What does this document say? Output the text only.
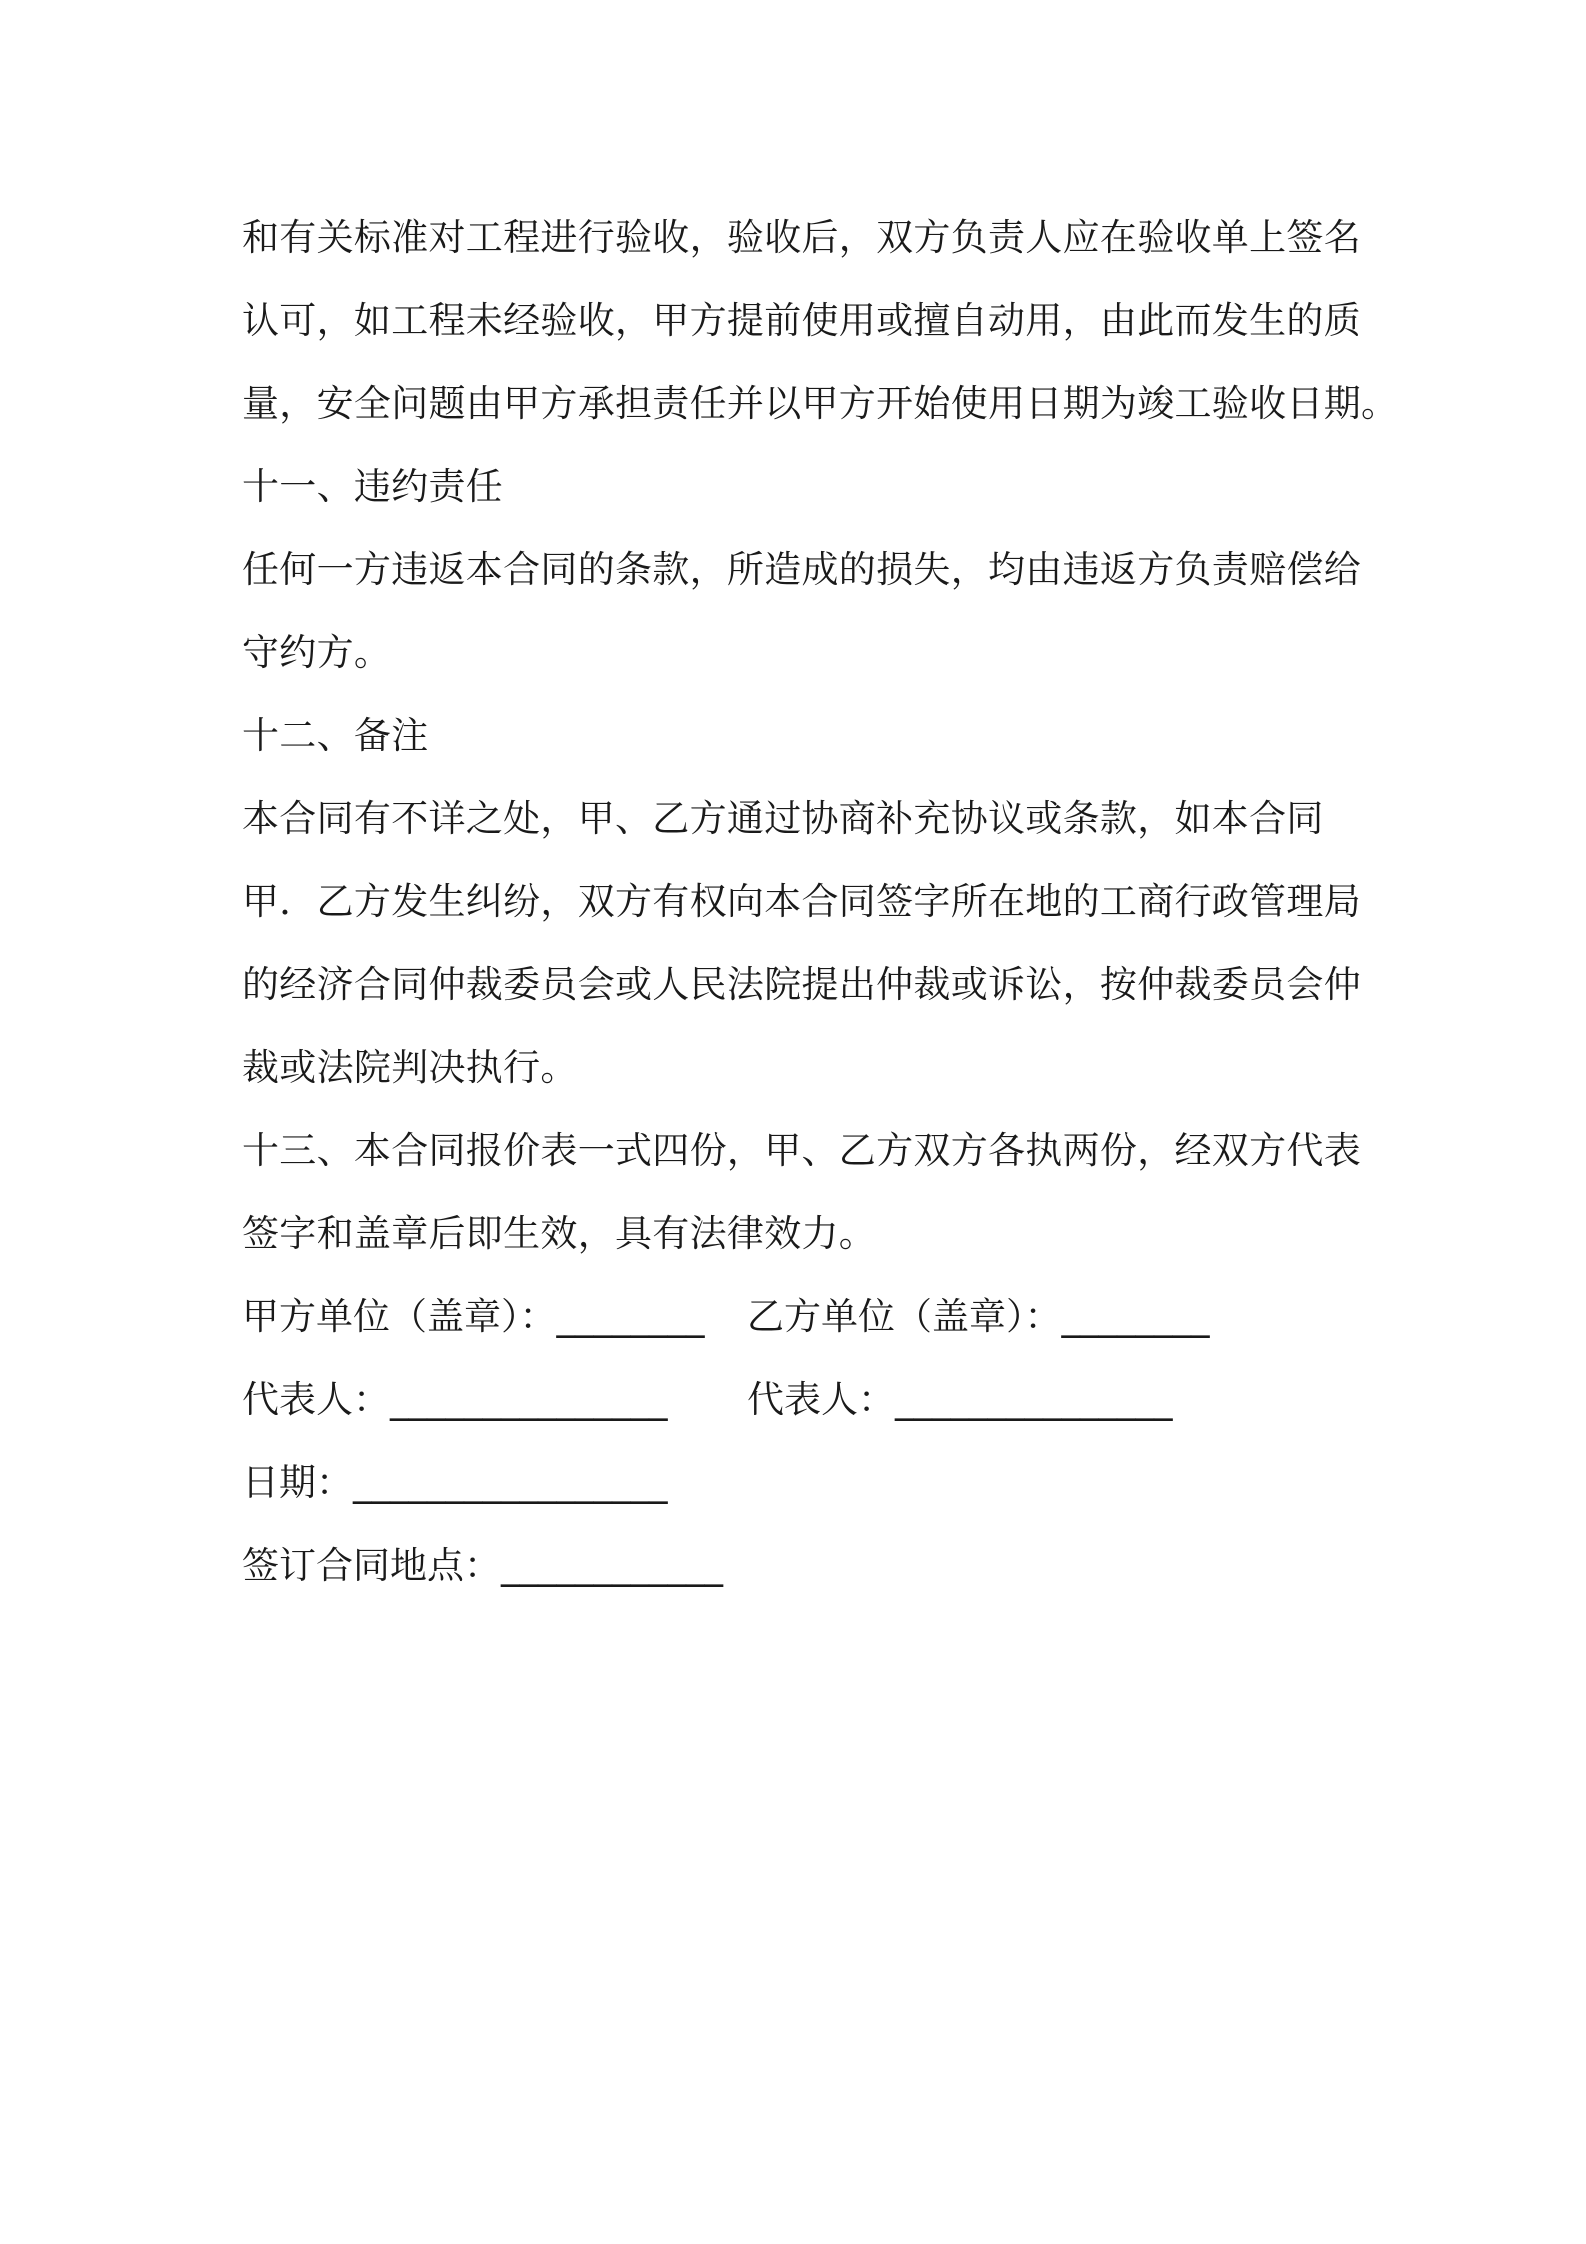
和有关标准对工程进行验收，验收后，双方负责人应在验收单上签名
认可，如工程未经验收，甲方提前使用或擅自动用，由此而发生的质
量，安全问题由甲方承担责任并以甲方开始使用日期为竣工验收日期。
十一、违约责任
任何一方违返本合同的条款，所造成的损失，均由违返方负责赔偿给
守约方。
十二、备注
本合同有不详之处，甲、乙方通过协商补充协议或条款，如本合同
甲．乙方发生纠纷，双方有权向本合同签字所在地的工商行政管理局
的经济合同仲裁委员会或人民法院提出仲裁或诉讼，按仲裁委员会仲
裁或法院判决执行。
十三、本合同报价表一式四份，甲、乙方双方各执两份，经双方代表
签字和盖章后即生效，具有法律效力。
甲方单位（盖章）：________ 乙方单位（盖章）：________
代表人：_______________ 代表人：_______________
日期：_________________
签订合同地点：____________
